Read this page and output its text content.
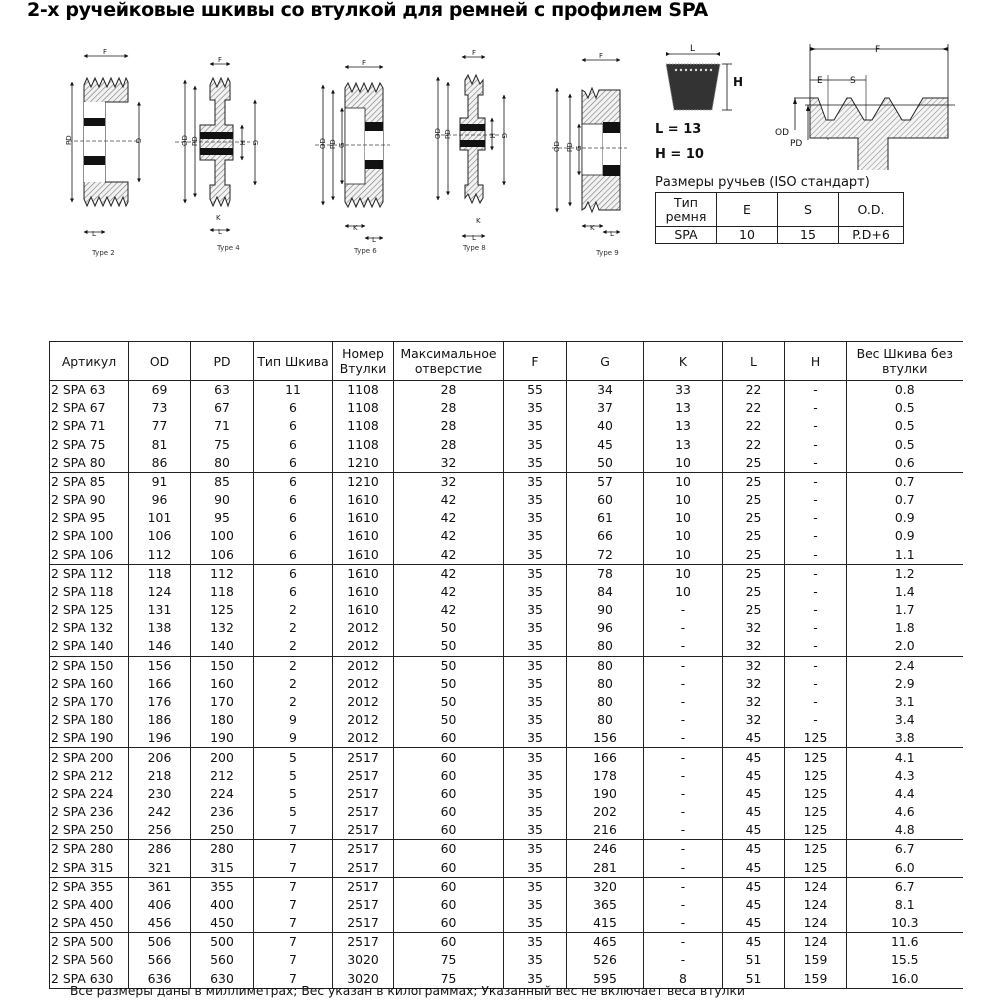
2-х ручейковые шкивы со втулкой для ремней с профилем SPA
PD	G
F
L
Type 2
OD PD	H G
F
K
L
Type 4
OD PD G
F
K
L
Type 6
OD PD	H G
F
K
L
Type 8
OD PD G
F
K
L
Type 9
L
H
L = 13
H = 10
F
E	S
OD
PD
Размеры ручьев (ISO стандарт)
Тип
ремня	E	S	O.D.
SPA	10	15	P.D+6
Артикул	OD	PD	Тип Шкива	Номер
Втулки

Максимальное
отверстие	F	G	K	L	H	Вес Шкива без
втулки

2 SPA 63	69	63	11	1108	28	55	34	33	22	-	0.8
2 SPA 67	73	67	6	1108	28	35	37	13	22	-	0.5
2 SPA 71	77	71	6	1108	28	35	40	13	22	-	0.5
2 SPA 75	81	75	6	1108	28	35	45	13	22	-	0.5
2 SPA 80	86	80	6	1210	32	35	50	10	25	-	0.6
2 SPA 85	91	85	6	1210	32	35	57	10	25	-	0.7
2 SPA 90	96	90	6	1610	42	35	60	10	25	-	0.7
2 SPA 95	101	95	6	1610	42	35	61	10	25	-	0.9
2 SPA 100	106	100	6	1610	42	35	66	10	25	-	0.9
2 SPA 106	112	106	6	1610	42	35	72	10	25	-	1.1
2 SPA 112	118	112	6	1610	42	35	78	10	25	-	1.2
2 SPA 118	124	118	6	1610	42	35	84	10	25	-	1.4
2 SPA 125	131	125	2	1610	42	35	90	-	25	-	1.7
2 SPA 132	138	132	2	2012	50	35	96	-	32	-	1.8
2 SPA 140	146	140	2	2012	50	35	80	-	32	-	2.0
2 SPA 150	156	150	2	2012	50	35	80	-	32	-	2.4
2 SPA 160	166	160	2	2012	50	35	80	-	32	-	2.9
2 SPA 170	176	170	2	2012	50	35	80	-	32	-	3.1
2 SPA 180	186	180	9	2012	50	35	80	-	32	-	3.4
2 SPA 190	196	190	9	2012	60	35	156	-	45	125	3.8
2 SPA 200	206	200	5	2517	60	35	166	-	45	125	4.1
2 SPA 212	218	212	5	2517	60	35	178	-	45	125	4.3
2 SPA 224	230	224	5	2517	60	35	190	-	45	125	4.4
2 SPA 236	242	236	5	2517	60	35	202	-	45	125	4.6
2 SPA 250	256	250	7	2517	60	35	216	-	45	125	4.8
2 SPA 280	286	280	7	2517	60	35	246	-	45	125	6.7
2 SPA 315	321	315	7	2517	60	35	281	-	45	125	6.0
2 SPA 355	361	355	7	2517	60	35	320	-	45	124	6.7
2 SPA 400	406	400	7	2517	60	35	365	-	45	124	8.1
2 SPA 450	456	450	7	2517	60	35	415	-	45	124	10.3
2 SPA 500	506	500	7	2517	60	35	465	-	45	124	11.6
2 SPA 560	566	560	7	3020	75	35	526	-	51	159	15.5
2 SPA 630	636	630	7	3020	75	35	595	8	51	159	16.0
Все размеры даны в миллиметрах; Вес указан в килограммах; Указанный вес не включает веса втулки
